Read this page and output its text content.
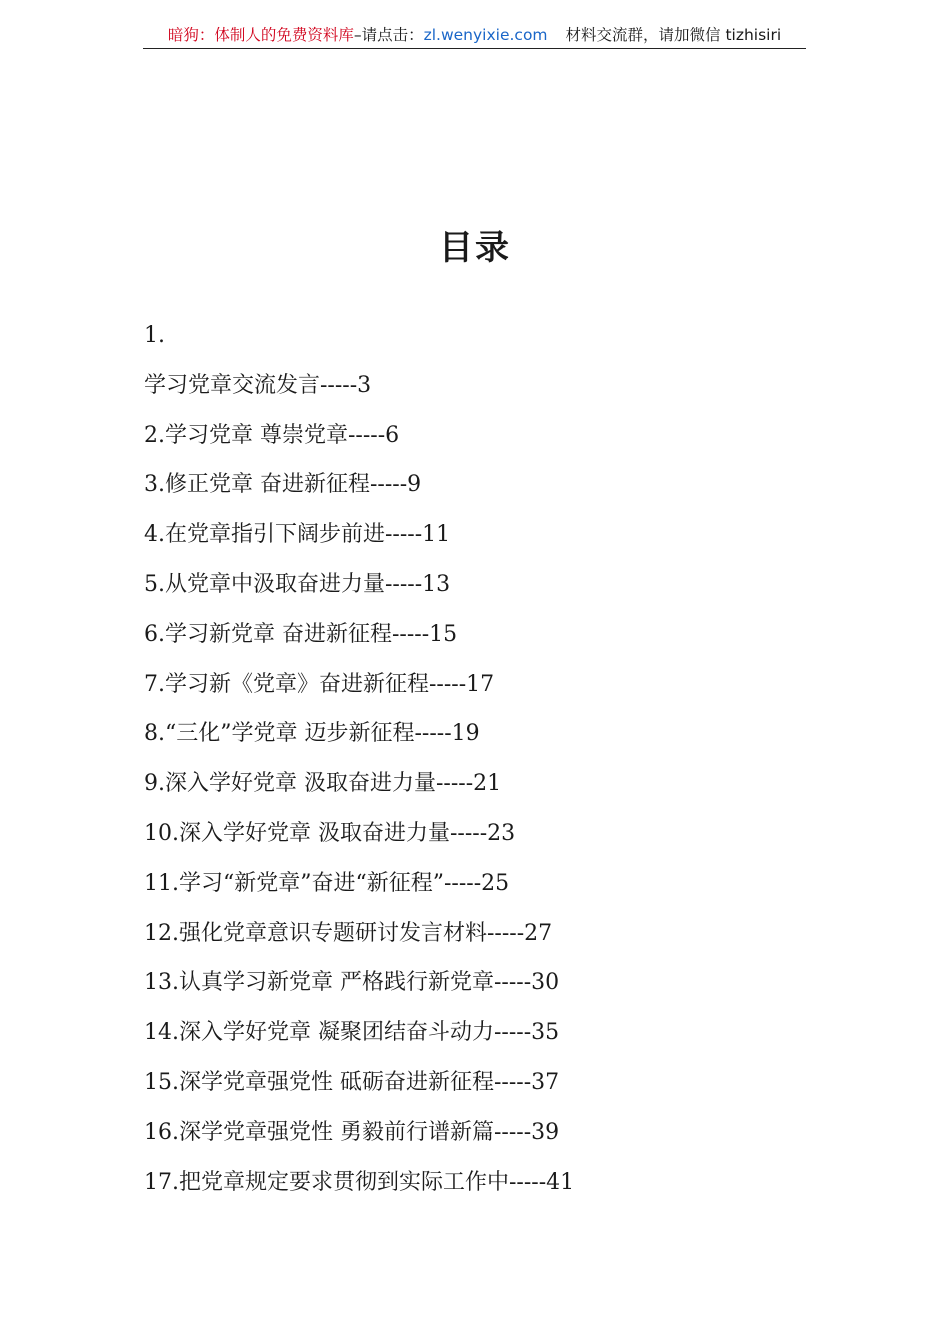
暗狗：体制人的免费资料库–请点击：zl.wenyixie.com 材料交流群，请加微信 tizhisiri
目录
1.
学习党章交流发言-----3
2.学习党章 尊崇党章-----6
3.修正党章 奋进新征程-----9
4.在党章指引下阔步前进-----11
5.从党章中汲取奋进力量-----13
6.学习新党章 奋进新征程-----15
7.学习新《党章》奋进新征程-----17
8.“三化”学党章 迈步新征程-----19
9.深入学好党章 汲取奋进力量-----21
10.深入学好党章 汲取奋进力量-----23
11.学习“新党章”奋进“新征程”-----25
12.强化党章意识专题研讨发言材料-----27
13.认真学习新党章 严格践行新党章-----30
14.深入学好党章 凝聚团结奋斗动力-----35
15.深学党章强党性 砥砺奋进新征程-----37
16.深学党章强党性 勇毅前行谱新篇-----39
17.把党章规定要求贯彻到实际工作中-----41
